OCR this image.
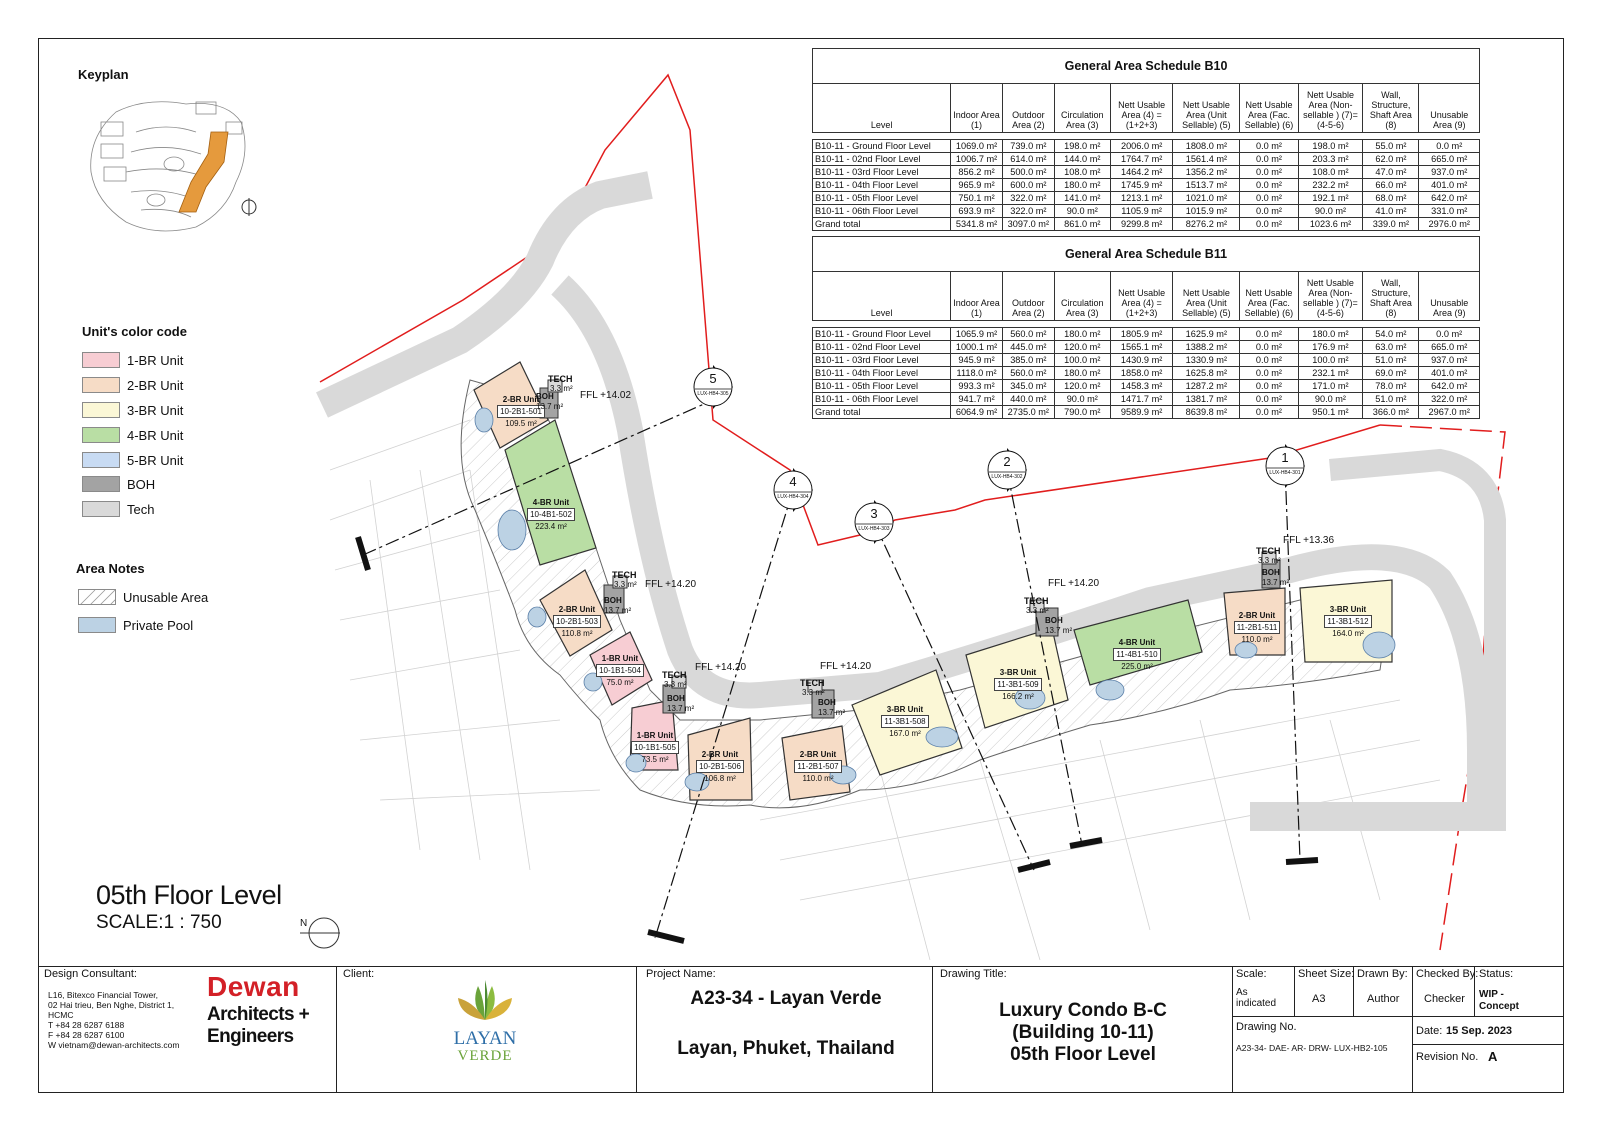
Keyplan
Unit's color code
1-BR Unit
2-BR Unit
3-BR Unit
4-BR Unit
5-BR Unit
BOH
Tech
Area Notes
Unusable Area
Private Pool
General Area Schedule B10									
Level	Indoor Area (1)	Outdoor Area (2)	Circulation Area (3)	Nett Usable Area (4) = (1+2+3)	Nett Usable Area (Unit Sellable) (5)	Nett Usable Area (Fac. Sellable) (6)	Nett Usable Area (Non-sellable ) (7)=(4-5-6)	Wall, Structure, Shaft Area (8)	Unusable Area (9)

B10-11 - Ground Floor Level	1069.0 m²	739.0 m²	198.0 m²	2006.0 m²	1808.0 m²	0.0 m²	198.0 m²	55.0 m²	0.0 m²
B10-11 - 02nd Floor Level	1006.7 m²	614.0 m²	144.0 m²	1764.7 m²	1561.4 m²	0.0 m²	203.3 m²	62.0 m²	665.0 m²
B10-11 - 03rd Floor Level	856.2 m²	500.0 m²	108.0 m²	1464.2 m²	1356.2 m²	0.0 m²	108.0 m²	47.0 m²	937.0 m²
B10-11 - 04th Floor Level	965.9 m²	600.0 m²	180.0 m²	1745.9 m²	1513.7 m²	0.0 m²	232.2 m²	66.0 m²	401.0 m²
B10-11 - 05th Floor Level	750.1 m²	322.0 m²	141.0 m²	1213.1 m²	1021.0 m²	0.0 m²	192.1 m²	68.0 m²	642.0 m²
B10-11 - 06th Floor Level	693.9 m²	322.0 m²	90.0 m²	1105.9 m²	1015.9 m²	0.0 m²	90.0 m²	41.0 m²	331.0 m²
Grand total	5341.8 m²	3097.0 m²	861.0 m²	9299.8 m²	8276.2 m²	0.0 m²	1023.6 m²	339.0 m²	2976.0 m²
General Area Schedule B11									
Level	Indoor Area (1)	Outdoor Area (2)	Circulation Area (3)	Nett Usable Area (4) = (1+2+3)	Nett Usable Area (Unit Sellable) (5)	Nett Usable Area (Fac. Sellable) (6)	Nett Usable Area (Non-sellable ) (7)=(4-5-6)	Wall, Structure, Shaft Area (8)	Unusable Area (9)

B10-11 - Ground Floor Level	1065.9 m²	560.0 m²	180.0 m²	1805.9 m²	1625.9 m²	0.0 m²	180.0 m²	54.0 m²	0.0 m²
B10-11 - 02nd Floor Level	1000.1 m²	445.0 m²	120.0 m²	1565.1 m²	1388.2 m²	0.0 m²	176.9 m²	63.0 m²	665.0 m²
B10-11 - 03rd Floor Level	945.9 m²	385.0 m²	100.0 m²	1430.9 m²	1330.9 m²	0.0 m²	100.0 m²	51.0 m²	937.0 m²
B10-11 - 04th Floor Level	1118.0 m²	560.0 m²	180.0 m²	1858.0 m²	1625.8 m²	0.0 m²	232.1 m²	69.0 m²	401.0 m²
B10-11 - 05th Floor Level	993.3 m²	345.0 m²	120.0 m²	1458.3 m²	1287.2 m²	0.0 m²	171.0 m²	78.0 m²	642.0 m²
B10-11 - 06th Floor Level	941.7 m²	440.0 m²	90.0 m²	1471.7 m²	1381.7 m²	0.0 m²	90.0 m²	51.0 m²	322.0 m²
Grand total	6064.9 m²	2735.0 m²	790.0 m²	9589.9 m²	8639.8 m²	0.0 m²	950.1 m²	366.0 m²	2967.0 m²
1
LUX-HB4-301
2
LUX-HB4-302
3
LUX-HB4-303
4
LUX-HB4-304
5
LUX-HB4-305
2-BR Unit
10-2B1-501
109.5 m²
4-BR Unit
10-4B1-502
223.4 m²
2-BR Unit
10-2B1-503
110.8 m²
1-BR Unit
10-1B1-504
75.0 m²
1-BR Unit
10-1B1-505
73.5 m²
2-BR Unit
10-2B1-506
106.8 m²
2-BR Unit
11-2B1-507
110.0 m²
3-BR Unit
11-3B1-508
167.0 m²
3-BR Unit
11-3B1-509
166.2 m²
4-BR Unit
11-4B1-510
225.0 m²
2-BR Unit
11-2B1-511
110.0 m²
3-BR Unit
11-3B1-512
164.0 m²
TECH
3.3 m²
TECH
3.3 m²
TECH
3.3 m²	TECH
3.3 m²
TECH
3.3 m²
TECH
3.3 m²
BOH
13.7 m²
BOH
13.7 m²
BOH
13.7 m²
BOH
13.7 m²
BOH
13.7 m²
BOH
13.7 m²
FFL +14.02
FFL +14.20
FFL +14.20	FFL +14.20
FFL +14.20
FFL +13.36
N
05th Floor Level
SCALE:1 : 750
Design Consultant:
L16, Bitexco Financial Tower,
02 Hai trieu, Ben Nghe, District 1,
HCMC
T +84 28 6287 6188
F +84 28 6287 6100
W vietnam@dewan-architects.com
Dewan
Architects +
Engineers
Client:
LAYAN
VERDE
Project Name:
A23-34 - Layan Verde
Layan, Phuket, Thailand
Drawing Title:
Luxury Condo B-C
(Building 10-11)
05th Floor Level
Scale:
As indicated
Sheet Size:
A3
Drawn By:
Author
Checked By:
Checker
Status:
WIP - Concept
Drawing No.
A23-34- DAE- AR- DRW- LUX-HB2-105
Date: 15 Sep. 2023
Revision No. A
